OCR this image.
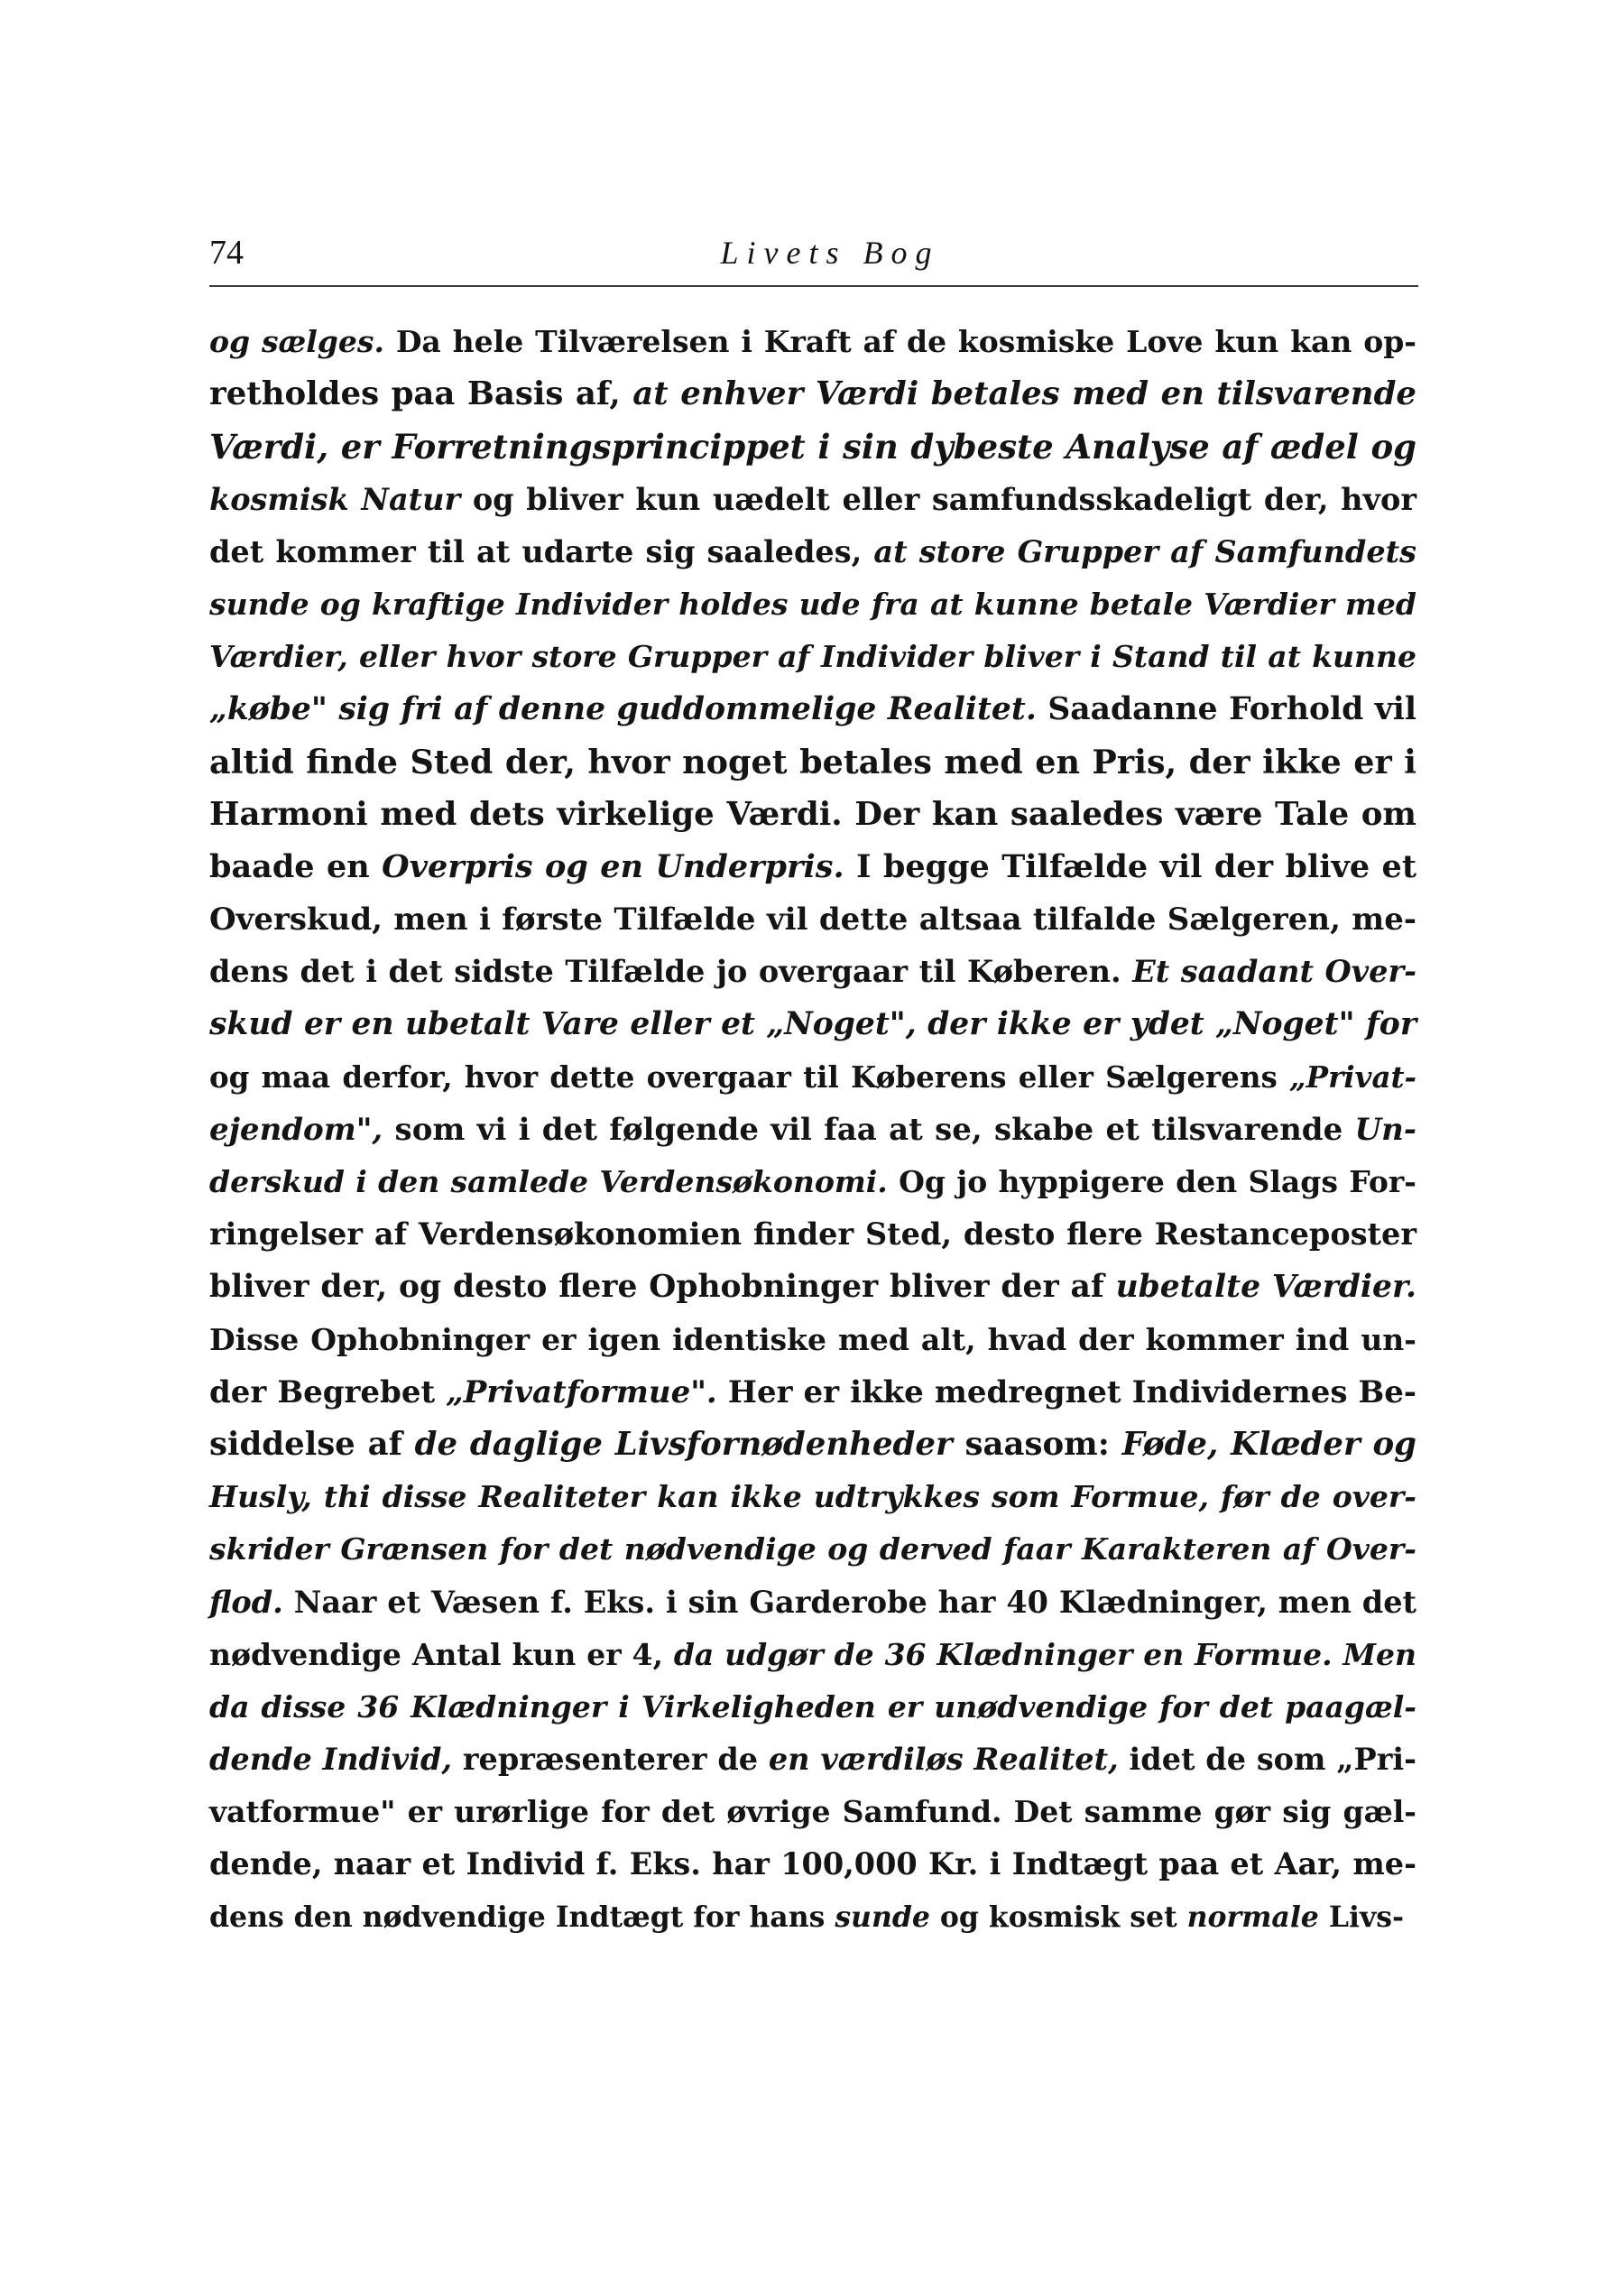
74	Livets Bog
og sælges. Da hele Tilværelsen i Kraft af de kosmiske Love kun kan op-
retholdes paa Basis af, at enhver Værdi betales med en tilsvarende
Værdi, er Forretningsprincippet i sin dybeste Analyse af ædel og
kosmisk Natur og bliver kun uædelt eller samfundsskadeligt der, hvor
det kommer til at udarte sig saaledes, at store Grupper af Samfundets
sunde og kraftige Individer holdes ude fra at kunne betale Værdier med
Værdier, eller hvor store Grupper af Individer bliver i Stand til at kunne
„købe" sig fri af denne guddommelige Realitet. Saadanne Forhold vil
altid finde Sted der, hvor noget betales med en Pris, der ikke er i
Harmoni med dets virkelige Værdi. Der kan saaledes være Tale om
baade en Overpris og en Underpris. I begge Tilfælde vil der blive et
Overskud, men i første Tilfælde vil dette altsaa tilfalde Sælgeren, me-
dens det i det sidste Tilfælde jo overgaar til Køberen. Et saadant Over-
skud er en ubetalt Vare eller et „Noget", der ikke er ydet „Noget" for
og maa derfor, hvor dette overgaar til Køberens eller Sælgerens „Privat-
ejendom", som vi i det følgende vil faa at se, skabe et tilsvarende Un-
derskud i den samlede Verdensøkonomi. Og jo hyppigere den Slags For-
ringelser af Verdensøkonomien finder Sted, desto flere Restanceposter
bliver der, og desto flere Ophobninger bliver der af ubetalte Værdier.
Disse Ophobninger er igen identiske med alt, hvad der kommer ind un-
der Begrebet „Privatformue". Her er ikke medregnet Individernes Be-
siddelse af de daglige Livsfornødenheder saasom: Føde, Klæder og
Husly, thi disse Realiteter kan ikke udtrykkes som Formue, før de over-
skrider Grænsen for det nødvendige og derved faar Karakteren af Over-
flod. Naar et Væsen f. Eks. i sin Garderobe har 40 Klædninger, men det
nødvendige Antal kun er 4, da udgør de 36 Klædninger en Formue. Men
da disse 36 Klædninger i Virkeligheden er unødvendige for det paagæl-
dende Individ, repræsenterer de en værdiløs Realitet, idet de som „Pri-
vatformue" er urørlige for det øvrige Samfund. Det samme gør sig gæl-
dende, naar et Individ f. Eks. har 100,000 Kr. i Indtægt paa et Aar, me-
dens den nødvendige Indtægt for hans sunde og kosmisk set normale Livs-
